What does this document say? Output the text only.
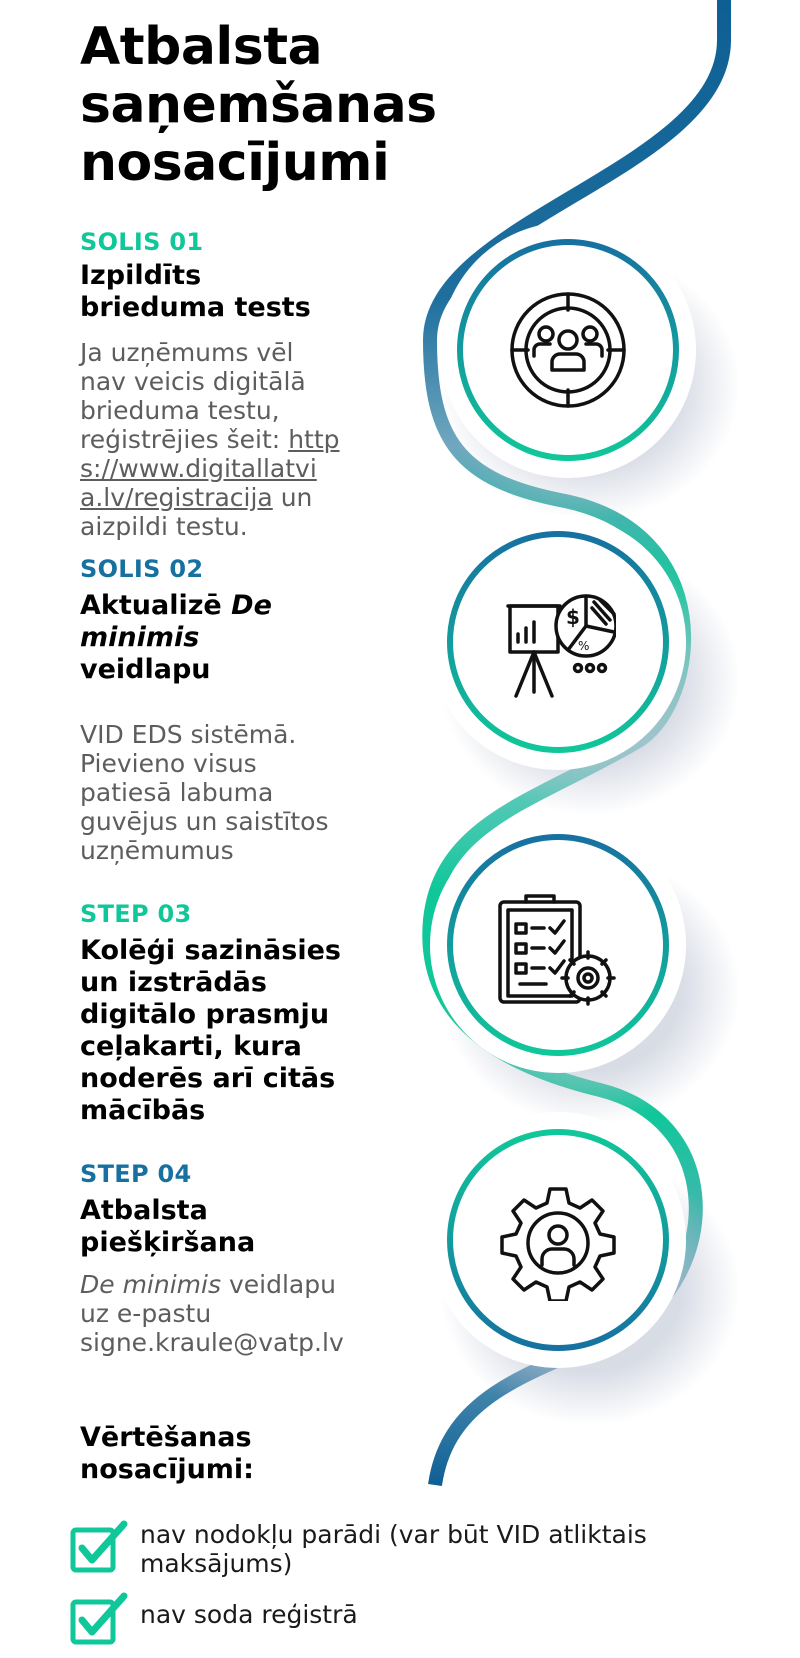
$
%
Atbalsta
saņemšanas
nosacījumi
SOLIS 01

Izpildīts brieduma tests

Ja uzņēmums vēl nav veicis digitālā brieduma testu, reģistrējies šeit: https://www.digitallatvia.lv/registracija un aizpildi testu.

SOLIS 02

Aktualizē De minimis veidlapu

VID EDS sistēmā. Pievieno visus patiesā labuma guvējus un saistītos uzņēmumus

STEP 03

Kolēģi sazināsies un izstrādās digitālo prasmju ceļakarti, kura noderēs arī citās mācībās

STEP 04

Atbalsta piešķiršana

De minimis veidlapu uz e-pastu signe.kraule@vatp.lv

Vērtēšanas nosacījumi:

nav nodokļu parādi (var būt VID atliktais maksājums)
nav soda reģistrā
